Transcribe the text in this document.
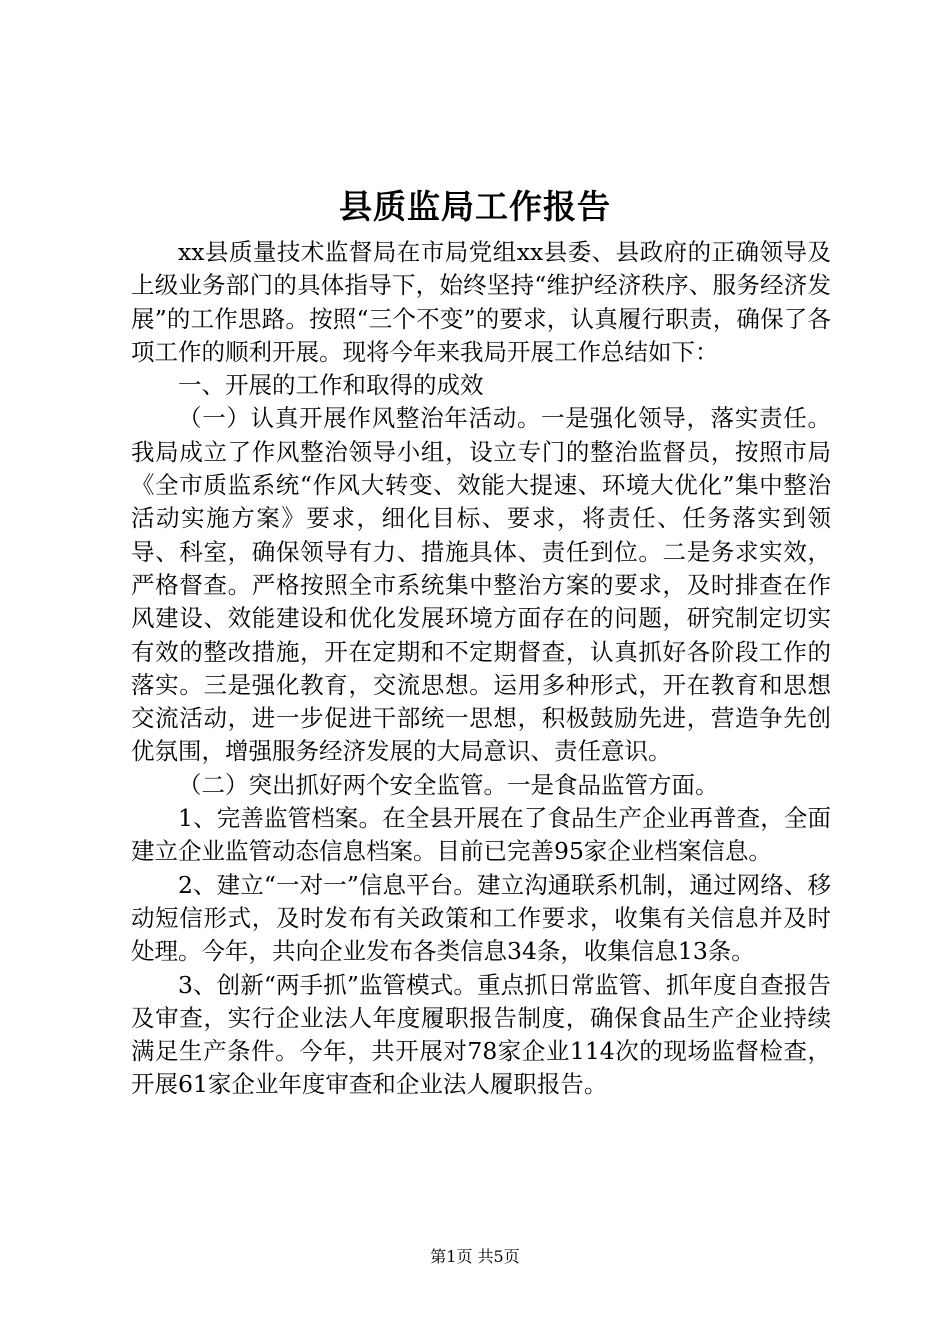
县质监局工作报告

xx县质量技术监督局在市局党组xx县委、县政府的正确领导及上级业务部门的具体指导下，始终坚持“维护经济秩序、服务经济发展”的工作思路。按照“三个不变”的要求，认真履行职责，确保了各项工作的顺利开展。现将今年来我局开展工作总结如下：

一、开展的工作和取得的成效

（一）认真开展作风整治年活动。一是强化领导，落实责任。我局成立了作风整治领导小组，设立专门的整治监督员，按照市局《全市质监系统“作风大转变、效能大提速、环境大优化”集中整治活动实施方案》要求，细化目标、要求，将责任、任务落实到领导、科室，确保领导有力、措施具体、责任到位。二是务求实效，严格督查。严格按照全市系统集中整治方案的要求，及时排查在作风建设、效能建设和优化发展环境方面存在的问题，研究制定切实有效的整改措施，开在定期和不定期督查，认真抓好各阶段工作的落实。三是强化教育，交流思想。运用多种形式，开在教育和思想交流活动，进一步促进干部统一思想，积极鼓励先进，营造争先创优氛围，增强服务经济发展的大局意识、责任意识。

（二）突出抓好两个安全监管。一是食品监管方面。

1、完善监管档案。在全县开展在了食品生产企业再普查，全面建立企业监管动态信息档案。目前已完善95家企业档案信息。

2、建立“一对一”信息平台。建立沟通联系机制，通过网络、移动短信形式，及时发布有关政策和工作要求，收集有关信息并及时处理。今年，共向企业发布各类信息34条，收集信息13条。

3、创新“两手抓”监管模式。重点抓日常监管、抓年度自查报告及审查，实行企业法人年度履职报告制度，确保食品生产企业持续满足生产条件。今年，共开展对78家企业114次的现场监督检查，开展61家企业年度审查和企业法人履职报告。

第1页 共5页
